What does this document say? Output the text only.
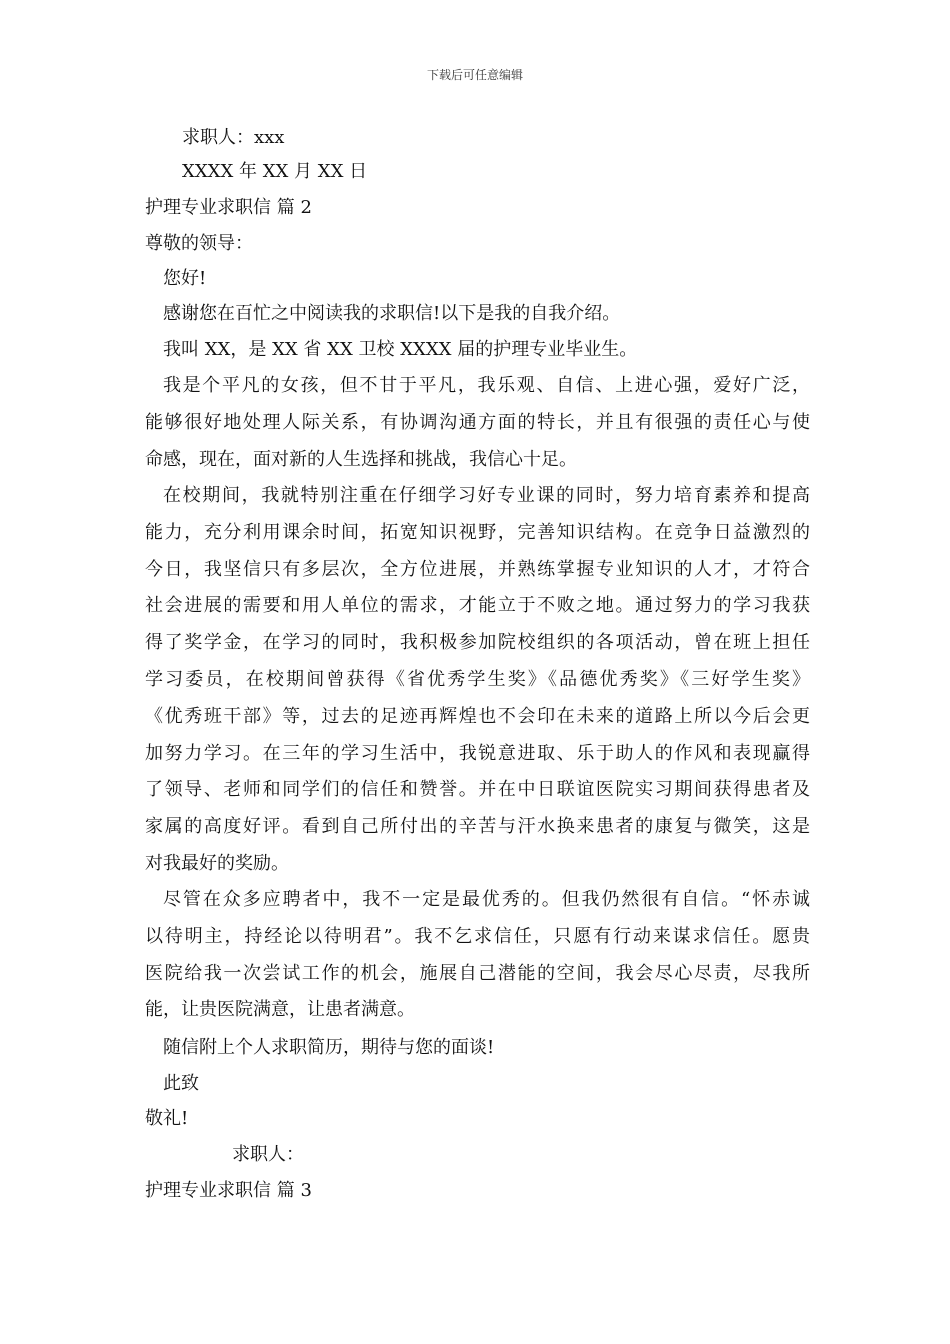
下载后可任意编辑
求职人：xxx
XXXX 年 XX 月 XX 日
护理专业求职信 篇 2
尊敬的领导：
您好!
感谢您在百忙之中阅读我的求职信!以下是我的自我介绍。
我叫 XX，是 XX 省 XX 卫校 XXXX 届的护理专业毕业生。
我是个平凡的女孩，但不甘于平凡，我乐观、自信、上进心强，爱好广泛，
能够很好地处理人际关系，有协调沟通方面的特长，并且有很强的责任心与使
命感，现在，面对新的人生选择和挑战，我信心十足。
在校期间，我就特别注重在仔细学习好专业课的同时，努力培育素养和提高
能力，充分利用课余时间，拓宽知识视野，完善知识结构。在竞争日益激烈的
今日，我坚信只有多层次，全方位进展，并熟练掌握专业知识的人才，才符合
社会进展的需要和用人单位的需求，才能立于不败之地。通过努力的学习我获
得了奖学金，在学习的同时，我积极参加院校组织的各项活动，曾在班上担任
学习委员，在校期间曾获得《省优秀学生奖》《品德优秀奖》《三好学生奖》
《优秀班干部》等，过去的足迹再辉煌也不会印在未来的道路上所以今后会更
加努力学习。在三年的学习生活中，我锐意进取、乐于助人的作风和表现赢得
了领导、老师和同学们的信任和赞誉。并在中日联谊医院实习期间获得患者及
家属的高度好评。看到自己所付出的辛苦与汗水换来患者的康复与微笑，这是
对我最好的奖励。
尽管在众多应聘者中，我不一定是最优秀的。但我仍然很有自信。“怀赤诚
以待明主，持经论以待明君”。我不乞求信任，只愿有行动来谋求信任。愿贵
医院给我一次尝试工作的机会，施展自己潜能的空间，我会尽心尽责，尽我所
能，让贵医院满意，让患者满意。
随信附上个人求职简历，期待与您的面谈!
此致
敬礼!
求职人：
护理专业求职信 篇 3
